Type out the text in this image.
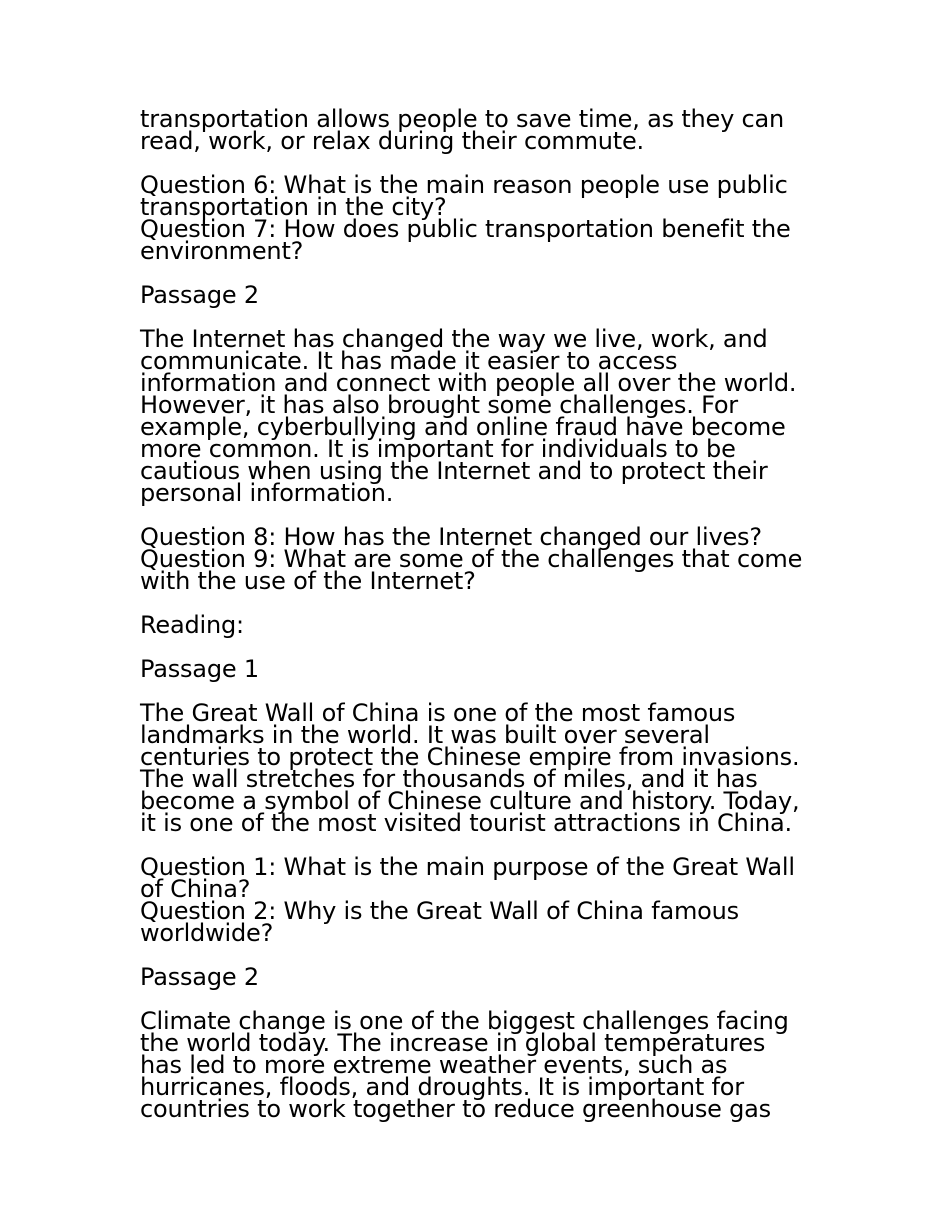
transportation allows people to save time, as they can
read, work, or relax during their commute.

Question 6: What is the main reason people use public
transportation in the city?

Question 7: How does public transportation benefit the
environment?

Passage 2

The Internet has changed the way we live, work, and
communicate. It has made it easier to access
information and connect with people all over the world.
However, it has also brought some challenges. For
example, cyberbullying and online fraud have become
more common. It is important for individuals to be
cautious when using the Internet and to protect their
personal information.

Question 8: How has the Internet changed our lives?

Question 9: What are some of the challenges that come
with the use of the Internet?

Reading:

Passage 1

The Great Wall of China is one of the most famous
landmarks in the world. It was built over several
centuries to protect the Chinese empire from invasions.
The wall stretches for thousands of miles, and it has
become a symbol of Chinese culture and history. Today,
it is one of the most visited tourist attractions in China.

Question 1: What is the main purpose of the Great Wall
of China?

Question 2: Why is the Great Wall of China famous
worldwide?

Passage 2

Climate change is one of the biggest challenges facing
the world today. The increase in global temperatures
has led to more extreme weather events, such as
hurricanes, floods, and droughts. It is important for
countries to work together to reduce greenhouse gas
